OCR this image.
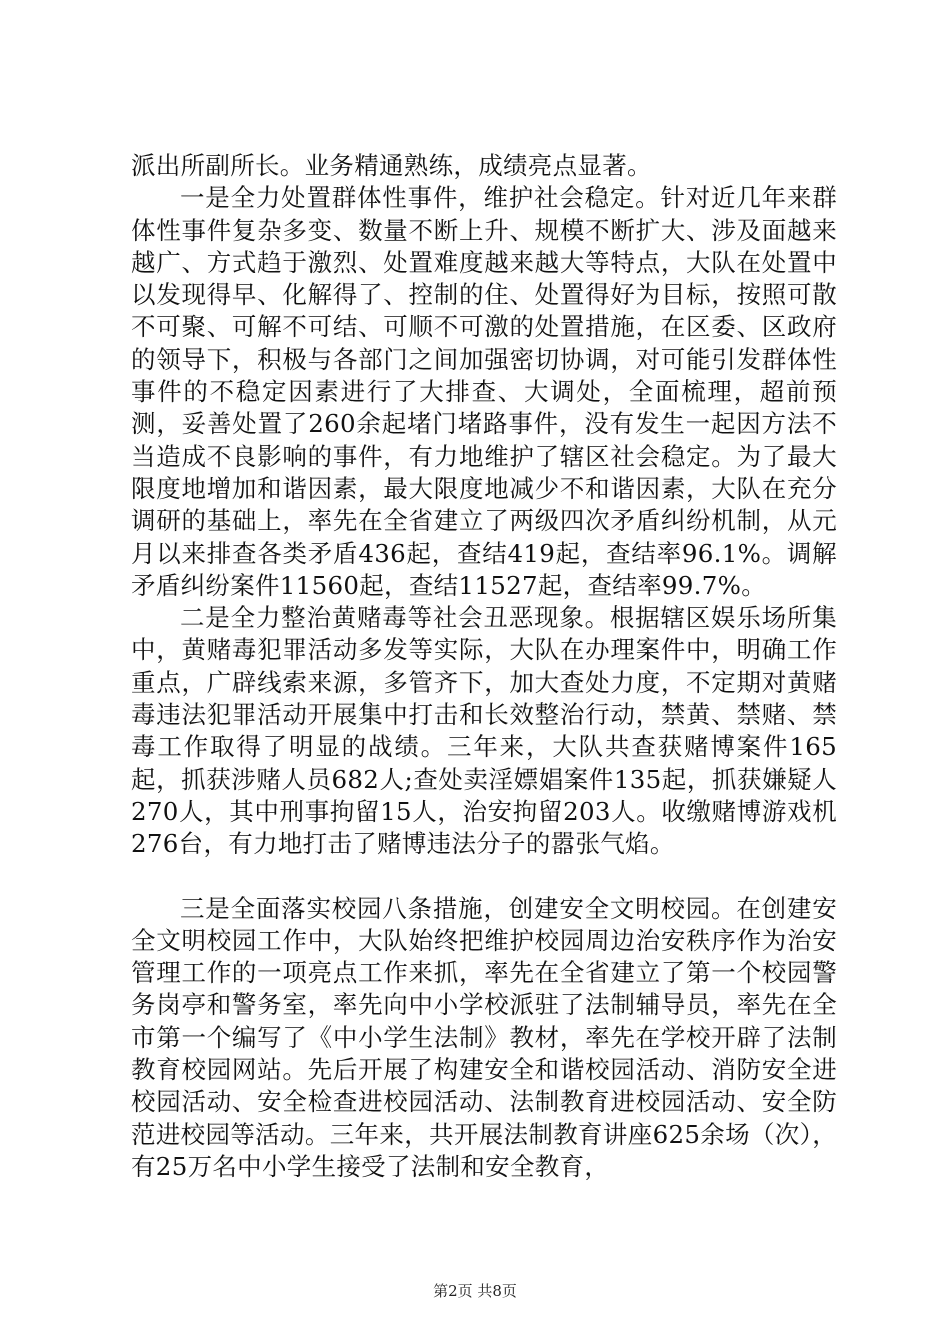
派出所副所长。业务精通熟练，成绩亮点显著。

一是全力处置群体性事件，维护社会稳定。针对近几年来群体性事件复杂多变、数量不断上升、规模不断扩大、涉及面越来越广、方式趋于激烈、处置难度越来越大等特点，大队在处置中以发现得早、化解得了、控制的住、处置得好为目标，按照可散不可聚、可解不可结、可顺不可激的处置措施，在区委、区政府的领导下，积极与各部门之间加强密切协调，对可能引发群体性事件的不稳定因素进行了大排查、大调处，全面梳理，超前预测，妥善处置了260余起堵门堵路事件，没有发生一起因方法不当造成不良影响的事件，有力地维护了辖区社会稳定。为了最大限度地增加和谐因素，最大限度地减少不和谐因素，大队在充分调研的基础上，率先在全省建立了两级四次矛盾纠纷机制，从元月以来排查各类矛盾436起，查结419起，查结率96.1%。调解矛盾纠纷案件11560起，查结11527起，查结率99.7%。

二是全力整治黄赌毒等社会丑恶现象。根据辖区娱乐场所集中，黄赌毒犯罪活动多发等实际，大队在办理案件中，明确工作重点，广辟线索来源，多管齐下，加大查处力度，不定期对黄赌毒违法犯罪活动开展集中打击和长效整治行动，禁黄、禁赌、禁毒工作取得了明显的战绩。三年来，大队共查获赌博案件165起，抓获涉赌人员682人;查处卖淫嫖娼案件135起，抓获嫌疑人270人，其中刑事拘留15人，治安拘留203人。收缴赌博游戏机276台，有力地打击了赌博违法分子的嚣张气焰。

三是全面落实校园八条措施，创建安全文明校园。在创建安全文明校园工作中，大队始终把维护校园周边治安秩序作为治安管理工作的一项亮点工作来抓，率先在全省建立了第一个校园警务岗亭和警务室，率先向中小学校派驻了法制辅导员，率先在全市第一个编写了《中小学生法制》教材，率先在学校开辟了法制教育校园网站。先后开展了构建安全和谐校园活动、消防安全进校园活动、安全检查进校园活动、法制教育进校园活动、安全防范进校园等活动。三年来，共开展法制教育讲座625余场（次），有25万名中小学生接受了法制和安全教育，

第2页 共8页
